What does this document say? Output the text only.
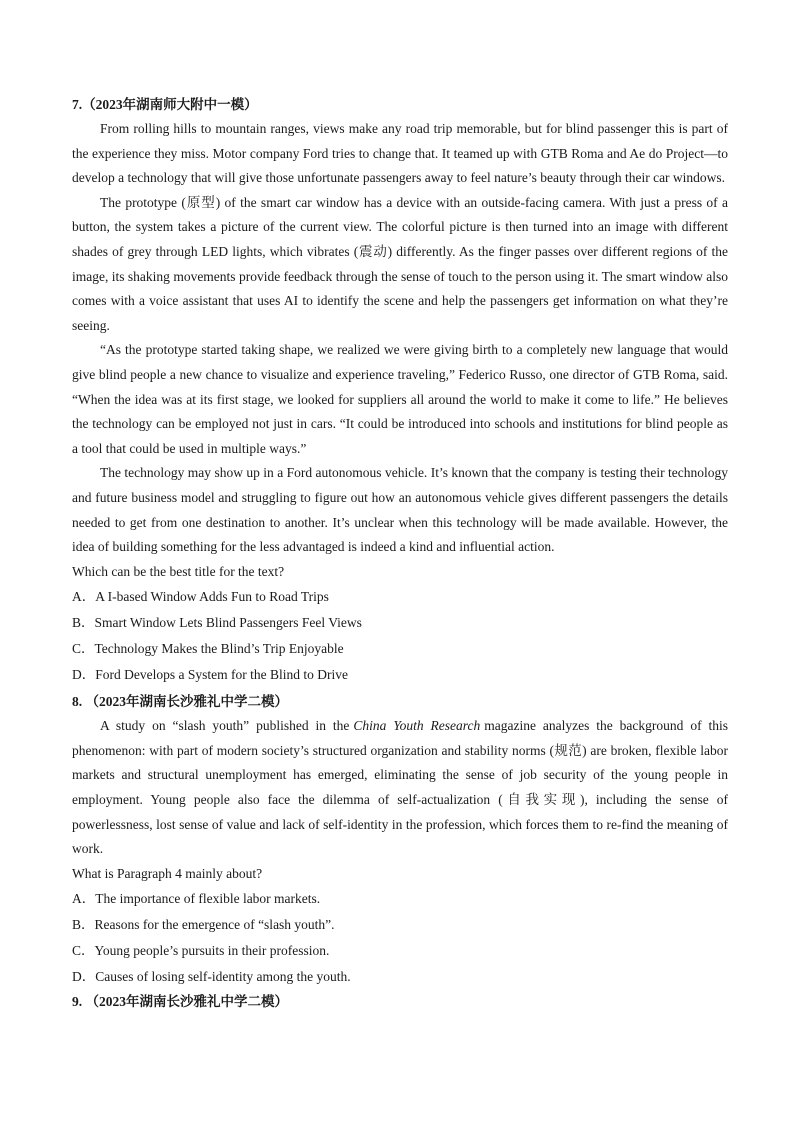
7.（2023年湖南师大附中一模）

From rolling hills to mountain ranges, views make any road trip memorable, but for blind passenger this is part of the experience they miss. Motor company Ford tries to change that. It teamed up with GTB Roma and Ae do Project—to develop a technology that will give those unfortunate passengers away to feel nature’s beauty through their car windows.

The prototype (原型) of the smart car window has a device with an outside-facing camera. With just a press of a button, the system takes a picture of the current view. The colorful picture is then turned into an image with different shades of grey through LED lights, which vibrates (震动) differently. As the finger passes over different regions of the image, its shaking movements provide feedback through the sense of touch to the person using it. The smart window also comes with a voice assistant that uses AI to identify the scene and help the passengers get information on what they’re seeing.

“As the prototype started taking shape, we realized we were giving birth to a completely new language that would give blind people a new chance to visualize and experience traveling,” Federico Russo, one director of GTB Roma, said. “When the idea was at its first stage, we looked for suppliers all around the world to make it come to life.” He believes the technology can be employed not just in cars. “It could be introduced into schools and institutions for blind people as a tool that could be used in multiple ways.”

The technology may show up in a Ford autonomous vehicle. It’s known that the company is testing their technology and future business model and struggling to figure out how an autonomous vehicle gives different passengers the details needed to get from one destination to another. It’s unclear when this technology will be made available. However, the idea of building something for the less advantaged is indeed a kind and influential action.

Which can be the best title for the text?

A．A I-based Window Adds Fun to Road Trips

B．Smart Window Lets Blind Passengers Feel Views

C．Technology Makes the Blind’s Trip Enjoyable

D．Ford Develops a System for the Blind to Drive

8. （2023年湖南长沙雅礼中学二模）

A study on “slash youth” published in the China Youth Research magazine analyzes the background of this phenomenon: with part of modern society’s structured organization and stability norms (规范) are broken, flexible labor markets and structural unemployment has emerged, eliminating the sense of job security of the young people in employment. Young people also face the dilemma of self-actualization (自我实现), including the sense of powerlessness, lost sense of value and lack of self-identity in the profession, which forces them to re-find the meaning of work.

What is Paragraph 4 mainly about?

A．The importance of flexible labor markets.

B．Reasons for the emergence of “slash youth”.

C．Young people’s pursuits in their profession.

D．Causes of losing self-identity among the youth.

9. （2023年湖南长沙雅礼中学二模）
